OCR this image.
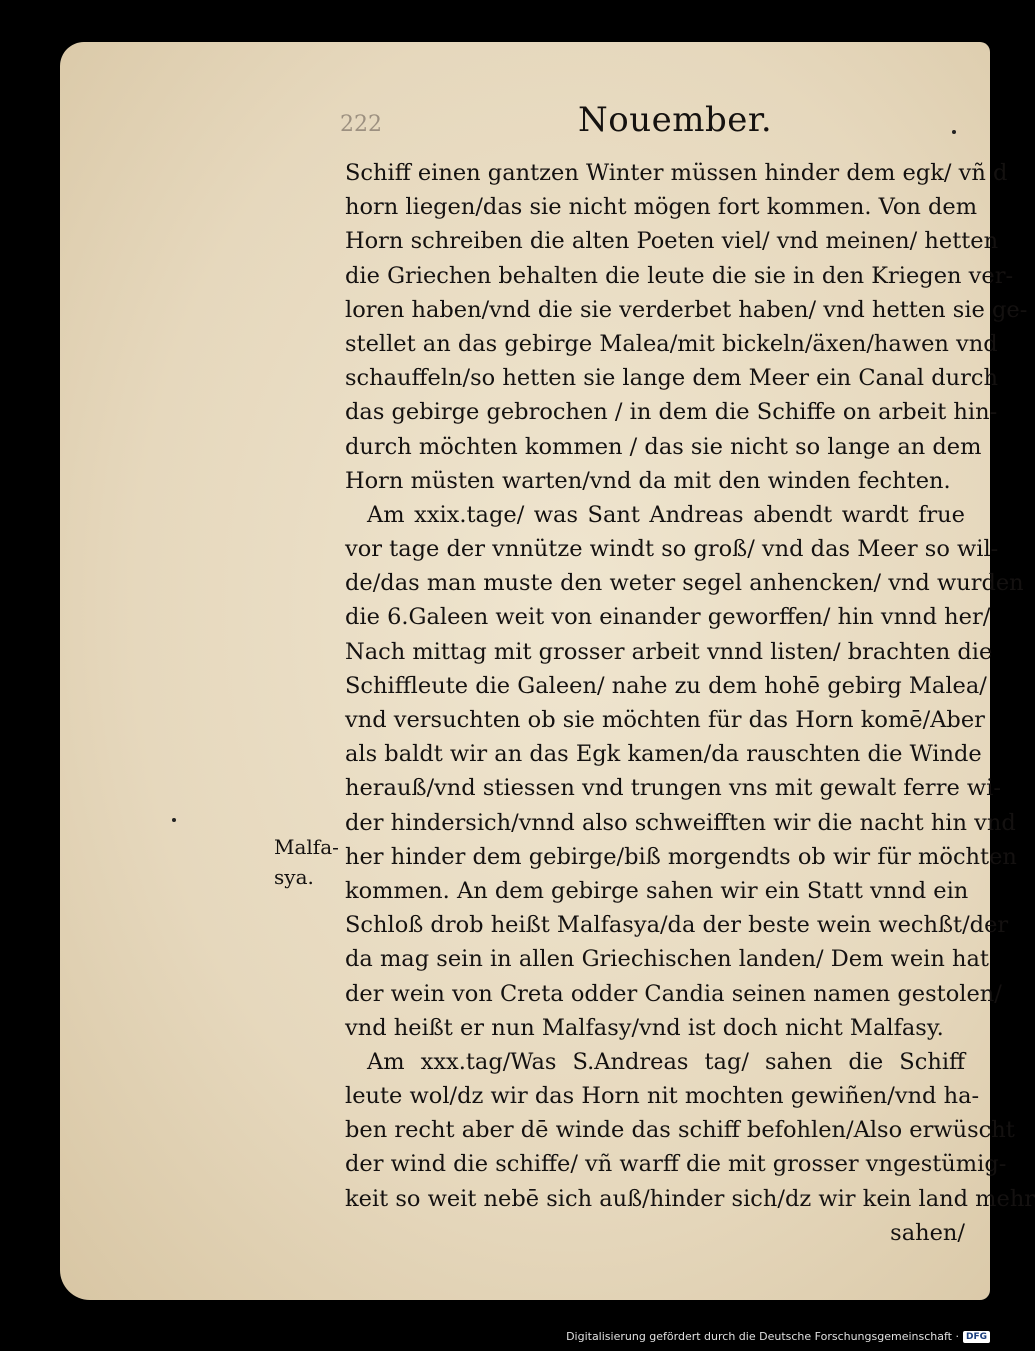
222	Nouember.
Malfa-
sya.
Schiff einen gantzen Winter müssen hinder dem egk/ vñ d
horn liegen/das sie nicht mögen fort kommen. Von dem
Horn schreiben die alten Poeten viel/ vnd meinen/ hetten
die Griechen behalten die leute die sie in den Kriegen ver-
loren haben/vnd die sie verderbet haben/ vnd hetten sie ge-
stellet an das gebirge Malea/mit bickeln/äxen/hawen vnd
schauffeln/so hetten sie lange dem Meer ein Canal durch
das gebirge gebrochen / in dem die Schiffe on arbeit hin-
durch möchten kommen / das sie nicht so lange an dem
Horn müsten warten/vnd da mit den winden fechten.
Am xxix.tage/ was Sant Andreas abendt wardt frue
vor tage der vnnütze windt so groß/ vnd das Meer so wil-
de/das man muste den weter segel anhencken/ vnd wurden
die 6.Galeen weit von einander geworffen/ hin vnnd her/
Nach mittag mit grosser arbeit vnnd listen/ brachten die
Schiffleute die Galeen/ nahe zu dem hohē gebirg Malea/
vnd versuchten ob sie möchten für das Horn komē/Aber
als baldt wir an das Egk kamen/da rauschten die Winde
herauß/vnd stiessen vnd trungen vns mit gewalt ferre wi-
der hindersich/vnnd also schweifften wir die nacht hin vnd
her hinder dem gebirge/biß morgendts ob wir für möchten
kommen. An dem gebirge sahen wir ein Statt vnnd ein
Schloß drob heißt Malfasya/da der beste wein wechßt/der
da mag sein in allen Griechischen landen/ Dem wein hat
der wein von Creta odder Candia seinen namen gestolen/
vnd heißt er nun Malfasy/vnd ist doch nicht Malfasy.
Am xxx.tag/Was S.Andreas tag/ sahen die Schiff
leute wol/dz wir das Horn nit mochten gewiñen/vnd ha-
ben recht aber dē winde das schiff befohlen/Also erwüscht
der wind die schiffe/ vñ warff die mit grosser vngestümig-
keit so weit nebē sich auß/hinder sich/dz wir kein land mehr
sahen/
Digitalisierung gefördert durch die Deutsche Forschungsgemeinschaft · DFG
